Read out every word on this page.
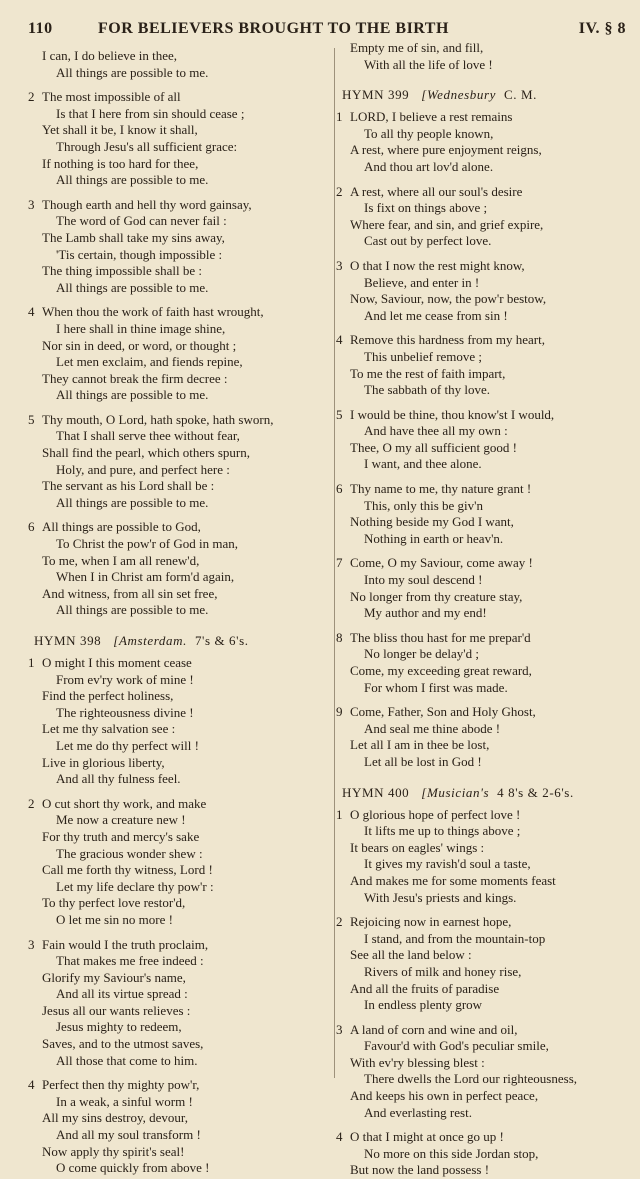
110	FOR BELIEVERS BROUGHT TO THE BIRTH	IV. § 8
I can, I do believe in thee,
All things are possible to me.
2 The most impossible of all
Is that I here from sin should cease ;
Yet shall it be, I know it shall,
Through Jesu's all sufficient grace:
If nothing is too hard for thee,
All things are possible to me.
3 Though earth and hell thy word gainsay,
The word of God can never fail :
The Lamb shall take my sins away,
'Tis certain, though impossible :
The thing impossible shall be :
All things are possible to me.
4 When thou the work of faith hast wrought,
I here shall in thine image shine,
Nor sin in deed, or word, or thought ;
Let men exclaim, and fiends repine,
They cannot break the firm decree :
All things are possible to me.
5 Thy mouth, O Lord, hath spoke, hath sworn,
That I shall serve thee without fear,
Shall find the pearl, which others spurn,
Holy, and pure, and perfect here :
The servant as his Lord shall be :
All things are possible to me.
6 All things are possible to God,
To Christ the pow'r of God in man,
To me, when I am all renew'd,
When I in Christ am form'd again,
And witness, from all sin set free,
All things are possible to me.
HYMN 398 [Amsterdam. 7's & 6's.
1 O might I this moment cease
From ev'ry work of mine !
Find the perfect holiness,
The righteousness divine !
Let me thy salvation see :
Let me do thy perfect will !
Live in glorious liberty,
And all thy fulness feel.
2 O cut short thy work, and make
Me now a creature new !
For thy truth and mercy's sake
The gracious wonder shew :
Call me forth thy witness, Lord !
Let my life declare thy pow'r :
To thy perfect love restor'd,
O let me sin no more !
3 Fain would I the truth proclaim,
That makes me free indeed :
Glorify my Saviour's name,
And all its virtue spread :
Jesus all our wants relieves :
Jesus mighty to redeem,
Saves, and to the utmost saves,
All those that come to him.
4 Perfect then thy mighty pow'r,
In a weak, a sinful worm !
All my sins destroy, devour,
And all my soul transform !
Now apply thy spirit's seal!
O come quickly from above !
Empty me of sin, and fill,
With all the life of love !
HYMN 399 [Wednesbury C. M.
1 LORD, I believe a rest remains
To all thy people known,
A rest, where pure enjoyment reigns,
And thou art lov'd alone.
2 A rest, where all our soul's desire
Is fixt on things above ;
Where fear, and sin, and grief expire,
Cast out by perfect love.
3 O that I now the rest might know,
Believe, and enter in !
Now, Saviour, now, the pow'r bestow,
And let me cease from sin !
4 Remove this hardness from my heart,
This unbelief remove ;
To me the rest of faith impart,
The sabbath of thy love.
5 I would be thine, thou know'st I would,
And have thee all my own :
Thee, O my all sufficient good !
I want, and thee alone.
6 Thy name to me, thy nature grant !
This, only this be giv'n
Nothing beside my God I want,
Nothing in earth or heav'n.
7 Come, O my Saviour, come away !
Into my soul descend !
No longer from thy creature stay,
My author and my end!
8 The bliss thou hast for me prepar'd
No longer be delay'd ;
Come, my exceeding great reward,
For whom I first was made.
9 Come, Father, Son and Holy Ghost,
And seal me thine abode !
Let all I am in thee be lost,
Let all be lost in God !
HYMN 400 [Musician's 4 8's & 2-6's.
1 O glorious hope of perfect love !
It lifts me up to things above ;
It bears on eagles' wings :
It gives my ravish'd soul a taste,
And makes me for some moments feast
With Jesu's priests and kings.
2 Rejoicing now in earnest hope,
I stand, and from the mountain-top
See all the land below :
Rivers of milk and honey rise,
And all the fruits of paradise
In endless plenty grow
3 A land of corn and wine and oil,
Favour'd with God's peculiar smile,
With ev'ry blessing blest :
There dwells the Lord our righteousness,
And keeps his own in perfect peace,
And everlasting rest.
4 O that I might at once go up !
No more on this side Jordan stop,
But now the land possess !
